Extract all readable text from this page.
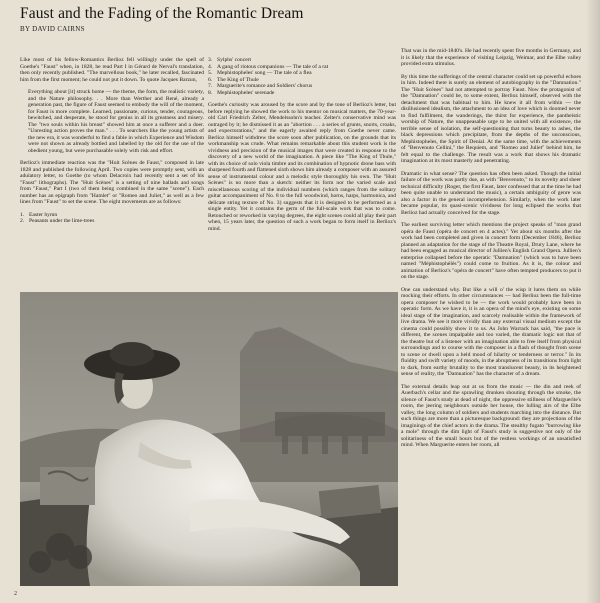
Faust and the Fading of the Romantic Dream
BY DAVID CAIRNS

Like most of his fellow-Romantics Berlioz fell willingly under the spell of Goethe's "Faust" when, in 1828, he read Part I in Gérard de Nerval's translation, then only recently published. "The marvellous book," he later recalled, fascinated him from the first moment; he could not put it down. To quote Jacques Barzun,

Everything about [it] struck home — the theme, the form, the realistic variety, and the Nature philosophy. . . More than Werther and René, already a generation past, the figure of Faust seemed to embody the will of the moment, for Faust is more complete. Learned, passionate, curious, tender, courageous, bewitched, and desperate, he stood for genius in all its greatness and misery. The "two souls within his breast" showed him at once a sufferer and a doer. "Unresting action proves the man." . . . To searchers like the young artists of the new era, it was wonderful to find a fable in which Experience and Wisdom were not shown as already bottled and labelled by the old for the use of the obedient young, but were purchasable solely with risk and effort.

Berlioz's immediate reaction was the "Huit Scènes de Faust," composed in late 1828 and published the following April. Two copies were promptly sent, with an adulatory letter, to Goethe (to whom Delacroix had recently sent a set of his "Faust" lithographs). The "Huit Scènes" is a setting of nine ballads and songs from "Faust," Part I (two of them being combined in the same "scene"). Each number has an epigraph from "Hamlet" or "Romeo and Juliet," as well as a few lines from "Faust" to set the scene. The eight movements are as follows:

1. Easter hymn
2. Peasants under the lime-trees
3. Sylphs' concert
4. A gang of riotous companions — The tale of a rat
5. Mephistopheles' song — The tale of a flea
6. The King of Thule
7. Marguerite's romance and Soldiers' chorus
8. Mephistopheles' serenade

Goethe's curiosity was aroused by the score and by the tone of Berlioz's letter, but before replying he showed the work to his mentor on musical matters, the 70-year-old Carl Friedrich Zelter, Mendelssohn's teacher. Zelter's conservative mind was outraged by it; he dismissed it as an "abortion . . . a series of grunts, snorts, croaks, and expectorations," and the eagerly awaited reply from Goethe never came. Berlioz himself withdrew the score soon after publication, on the grounds that its workmanship was crude. What remains remarkable about this student work is the vividness and precision of the musical images that were created in response to the discovery of a new world of the imagination. A piece like "The King of Thule," with its choice of solo viola timbre and its combination of hypnotic drone bass with sharpened fourth and flattened sixth shows him already a composer with an assured sense of instrumental colour and a melodic style thoroughly his own. The "Huit Scènes" is no more than a sketch: neither its form nor the varied scale and miscellaneous scoring of the individual numbers (which ranges from the solitary guitar accompaniment of No. 8 to the full woodwind, horns, harps, harmonica, and delicate string texture of No. 3) suggests that it is designed to be performed as a single entity. Yet it contains the germ of the full-scale work that was to come. Retouched or reworked in varying degrees, the eight scenes could all play their part when, 15 years later, the question of such a work began to form itself in Berlioz's mind.

That was in the mid-1840's. He had recently spent five months in Germany, and it is likely that the experience of visiting Leipzig, Weimar, and the Elbe valley provided extra stimulus.

By this time the sufferings of the central character could set up powerful echoes in him. Indeed there is surely an element of autobiography in the "Damnation." The "Huit Scènes" had not attempted to portray Faust. Now the protagonist of the "Damnation" could be, to some extent, Berlioz himself, observed with the detachment that was habitual to him. He knew it all from within — the disillusioned idealism, the attachment to an idea of love which is doomed never to find fulfilment, the wanderings, the thirst for experience, the pantheistic worship of Nature, the unappeasable urge to be united with all existence, the terrible sense of isolation, the self-questioning that turns beauty to ashes, the black depressions which precipitate, from the depths of the unconscious, Mephistopheles, the Spirit of Denial. At the same time, with the achievements of "Benvenuto Cellini," the Requiem, and "Romeo and Juliet" behind him, he felt equal to the challenge. The result was a work that shows his dramatic imagination at its most masterly and penetrating.

Dramatic in what sense? The question has often been asked. Though the initial failure of the work was partly due, as with "Benvenuto," to its novelty and sheer technical difficulty (Roger, the first Faust, later confessed that at the time he had been quite unable to understand the music), a certain ambiguity of genre was also a factor in the general incomprehension. Similarly, when the work later became popular, its quasi-scenic vividness for long eclipsed the works that Berlioz had actually conceived for the stage.

The earliest surviving letter which mentions the project speaks of "mon grand opéra de Faust (opéra de concert en 4 actes)." Yet about six months after the work had been completed and given in concert form (December 1846), Berlioz planned an adaptation for the stage of the Theatre Royal, Drury Lane, where he had been engaged as musical director of Jullien's English Grand Opera. Jullien's enterprise collapsed before the operatic "Damnation" (which was to have been named "Méphistophélès") could come to fruition. As it is, the colour and animation of Berlioz's "opéra de concert" have often tempted producers to put it on the stage.

One can understand why. But like a will o' the wisp it lures them on while mocking their efforts. In other circumstances — had Berlioz been the full-time opera composer he wished to be — the work would probably have been in operatic form. As we have it, it is an opera of the mind's eye, existing on some ideal stage of the imagination, and scarcely realisable within the framework of live drama. We see it more vividly than any external visual medium except the cinema could possibly show it to us. As John Warrack has said, "the pace is different, the scenes impalpable and too varied, the dramatic logic not that of the theatre but of a listener with an imagination able to free itself from physical surroundings and to course with the composer in a flash of thought from scene to scene or dwell upon a held mood of hilarity or tenderness or terror." In its fluidity and swift variety of moods, in the abruptness of its transitions from light to dark, from earthy brutality to the most translucent beauty, in its heightened sense of reality, the "Damnation" has the character of a dream.

The external details leap out at us from the music — the din and reek of Auerbach's cellar and the sprawling drunken shouting through the smoke, the silence of Faust's study at dead of night, the oppressive stillness of Marguerite's room, the jeering neighbours outside her house, the lulling airs of the Elbe valley, the long column of soldiers and students marching into the distance. But such things are more than a picturesque background: they are projections of the imaginings of the chief actors in the drama. The stealthy fugato "burrowing like a mole" through the dim light of Faust's study is suggestive not only of the solitariness of the small hours but of the restless workings of an unsatisfied mind. When Marguerite enters her room, all

2
